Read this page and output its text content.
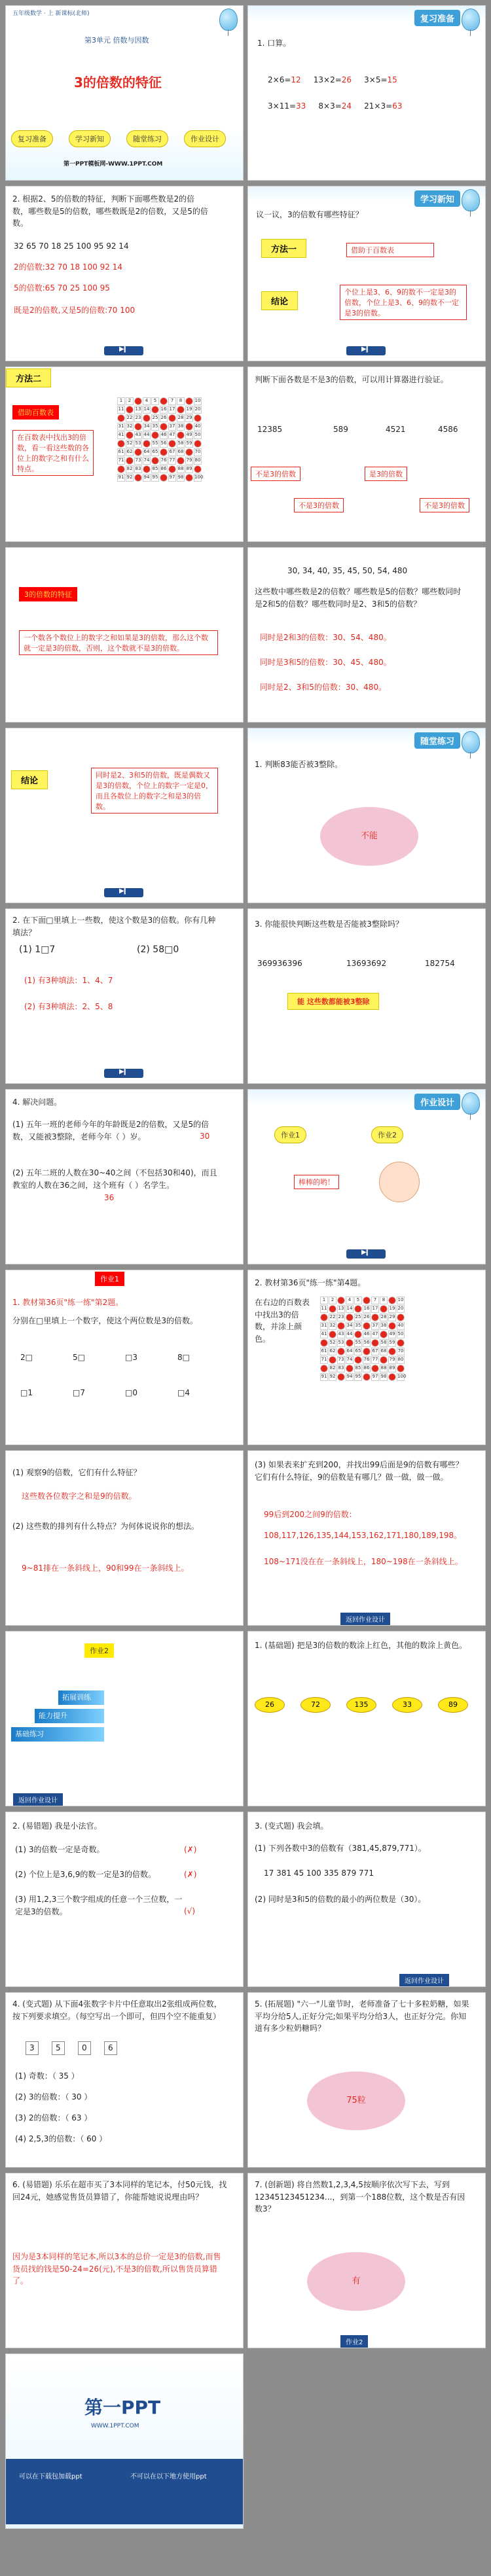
五年级数学 · 上 新课标(北师)
第3单元 倍数与因数
3的倍数的特征
复习准备	学习新知	随堂练习	作业设计
第一PPT模板网-WWW.1PPT.COM
复习准备
1. 口算。
2×6=12 13×2=26 3×5=15
3×11=33 8×3=24 21×3=63
2. 根据2、5的倍数的特征，判断下面哪些数是2的倍数，哪些数是5的倍数，哪些数既是2的倍数，又是5的倍数。
32 65 70 18 25 100 95 92 14
2的倍数:32 70 18 100 92 14
5的倍数:65 70 25 100 95
既是2的倍数,又是5的倍数:70 100
▶▎
学习新知
议一议，3的倍数有哪些特征？
方法一	借助于百数表
结论
个位上是3、6、9的数不一定是3的倍数，个位上是3、6、9的数不一定是3的倍数。
▶▎
方法二
借助百数表
在百数表中找出3的倍数，看一看这些数的各位上的数字之和有什么特点。
1	2	3	4	5	6	7	8	9 10
11 12 13 14 15 16 17 18 19 20
21 22 23 24 25 26 27 28 29 30
31 32 33 34 35 36 37 38 39 40
41 42 43 44 45 46 47 48 49 50
51 52 53 54 55 56 57 58 59 60
61 62 63 64 65 66 67 68 69 70
71 72 73 74 75 76 77 78 79 80
81 82 83 84 85 86 87 88 89 90
91 92 93 94 95 96 97 98 99 100
判断下面各数是不是3的倍数，可以用计算器进行验证。
12385	589	4521	4586
不是3的倍数
不是3的倍数
是3的倍数
不是3的倍数
3的倍数的特征
一个数各个数位上的数字之和如果是3的倍数，那么这个数就一定是3的倍数，否则，这个数就不是3的倍数。
30, 34, 40, 35, 45, 50, 54, 480
这些数中哪些数是2的倍数？哪些数是5的倍数？哪些数同时是2和5的倍数？哪些数同时是2、3和5的倍数？
同时是2和3的倍数：30、54、480。
同时是3和5的倍数：30、45、480。
同时是2、3和5的倍数：30、480。
结论
同时是2、3和5的倍数，既是偶数又是3的倍数，个位上的数字一定是0，而且各数位上的数字之和是3的倍数。
▶▎
随堂练习
1. 判断83能否被3整除。
不能
2. 在下面□里填上一些数，使这个数是3的倍数。你有几种填法？
(1) 1□7	(2) 58□0
(1) 有3种填法：1、4、7
(2) 有3种填法：2、5、8
▶▎
3. 你能很快判断这些数是否能被3整除吗？
369936396	13693692	182754
能 这些数都能被3整除
4. 解决问题。
(1) 五年一班的老师今年的年龄既是2的倍数，又是5的倍数，又能被3整除，老师今年（ ）岁。	30
(2) 五年二班的人数在30~40之间（不包括30和40)，而且教室的人数在36之间，这个班有（ ）名学生。
36
作业设计
作业1	作业2
棒棒的哟！
▶▎
作业1
1. 教材第36页"练一练"第2题。
分别在□里填上一个数字，使这个两位数是3的倍数。
2□	5□	□3	8□
□1	□7	□0	□4
2. 教材第36页"练一练"第4题。
在右边的百数表中找出3的倍数，并涂上颜色。
1	2	3	4	5	6	7	8	9 10
11 12 13 14 15 16 17 18 19 20
21 22 23 24 25 26 27 28 29 30
31 32 33 34 35 36 37 38 39 40
41 42 43 44 45 46 47 48 49 50
51 52 53 54 55 56 57 58 59 60
61 62 63 64 65 66 67 68 69 70
71 72 73 74 75 76 77 78 79 80
81 82 83 84 85 86 87 88 89 90
91 92 93 94 95 96 97 98 99 100
(1) 观察9的倍数，它们有什么特征？
这些数各位数字之和是9的倍数。
(2) 这些数的排列有什么特点？为何体说说你的想法。
9~81排在一条斜线上，90和99在一条斜线上。
(3) 如果表来扩充到200，并找出99后面是9的倍数有哪些？它们有什么特征，9的倍数是有哪几？做一做，做一做。
99后到200之间9的倍数：
108,117,126,135,144,153,162,171,180,189,198。
108~171没在在一条斜线上，180~198在一条斜线上。
返回作业设计
作业2
拓展训练
能力提升
基础练习
返回作业设计
1. (基础题) 把是3的倍数的数涂上红色，其他的数涂上黄色。
26	72	135	33	89
2. (易错题) 我是小法官。
(1) 3的倍数一定是奇数。	(✗)
(2) 个位上是3,6,9的数一定是3的倍数。	(✗)
(3) 用1,2,3三个数字组成的任意一个三位数，一定是3的倍数。	(√)
3. (变式题) 我会填。
(1) 下列各数中3的倍数有（381,45,879,771）。
17 381 45 100 335 879 771
(2) 同时是3和5的倍数的最小的两位数是（30）。
返回作业设计
4. (变式题) 从下面4张数字卡片中任意取出2张组成两位数，按下列要求填空。（每空写出一个即可，但四个空不能重复）
3	5	0	6
(1) 奇数：（ 35 ）
(2) 3的倍数：（ 30 ）
(3) 2的倍数：（ 63 ）
(4) 2,5,3的倍数：（ 60 ）
5. (拓展题) "六一"儿童节时，老师准备了七十多粒奶糖，如果平均分给5人,正好分完;如果平均分给3人，也正好分完。你知道有多少粒奶糖吗？
75粒
6. (易错题) 乐乐在超市买了3本同样的笔记本，付50元钱，找回24元，她感觉售货员算错了，你能帮她说说理由吗？
因为是3本同样的笔记本,所以3本的总价一定是3的倍数,而售货员找的钱是50-24=26(元),不是3的倍数,所以售货员算错了。
7. (创新题) 将自然数1,2,3,4,5按顺序依次写下去，写到12345123451234...，到第一个188位数，这个数是否有因数3？
有
作业2
第一PPT
WWW.1PPT.COM
可以在下载包加载ppt	不可以在以下地方使用ppt
